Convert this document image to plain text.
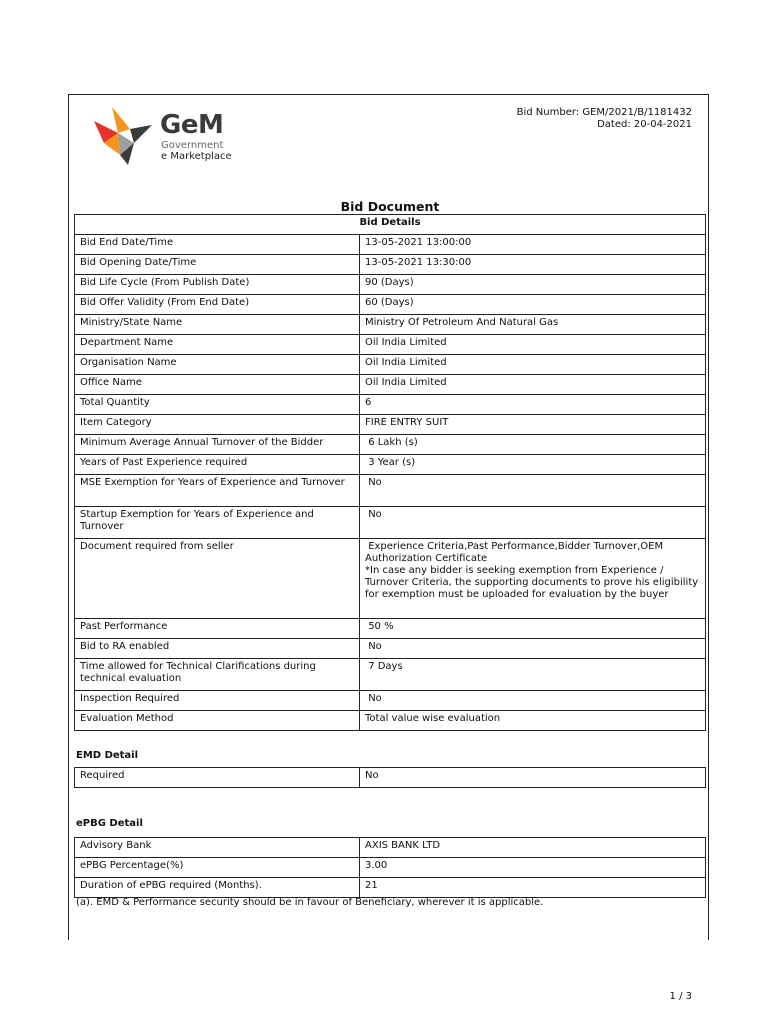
GeM
Government
e Marketplace
Bid Number: GEM/2021/B/1181432
Dated: 20-04-2021
Bid Document
Bid Details	
Bid End Date/Time	13-05-2021 13:00:00
Bid Opening Date/Time	13-05-2021 13:30:00
Bid Life Cycle (From Publish Date)	90 (Days)
Bid Offer Validity (From End Date)	60 (Days)
Ministry/State Name	Ministry Of Petroleum And Natural Gas
Department Name	Oil India Limited
Organisation Name	Oil India Limited
Office Name	Oil India Limited
Total Quantity	6
Item Category	FIRE ENTRY SUIT
Minimum Average Annual Turnover of the Bidder	6 Lakh (s)
Years of Past Experience required	3 Year (s)
MSE Exemption for Years of Experience and Turnover	No
Startup Exemption for Years of Experience and Turnover	No
Document required from seller	Experience Criteria,Past Performance,Bidder Turnover,OEM Authorization Certificate
*In case any bidder is seeking exemption from Experience / Turnover Criteria, the supporting documents to prove his eligibility for exemption must be uploaded for evaluation by the buyer
Past Performance	50 %
Bid to RA enabled	No
Time allowed for Technical Clarifications during technical evaluation	7 Days
Inspection Required	No
Evaluation Method	Total value wise evaluation
EMD Detail
Required	No
ePBG Detail
Advisory Bank	AXIS BANK LTD
ePBG Percentage(%)	3.00
Duration of ePBG required (Months).	21
(a). EMD & Performance security should be in favour of Beneficiary, wherever it is applicable.
1 / 3
